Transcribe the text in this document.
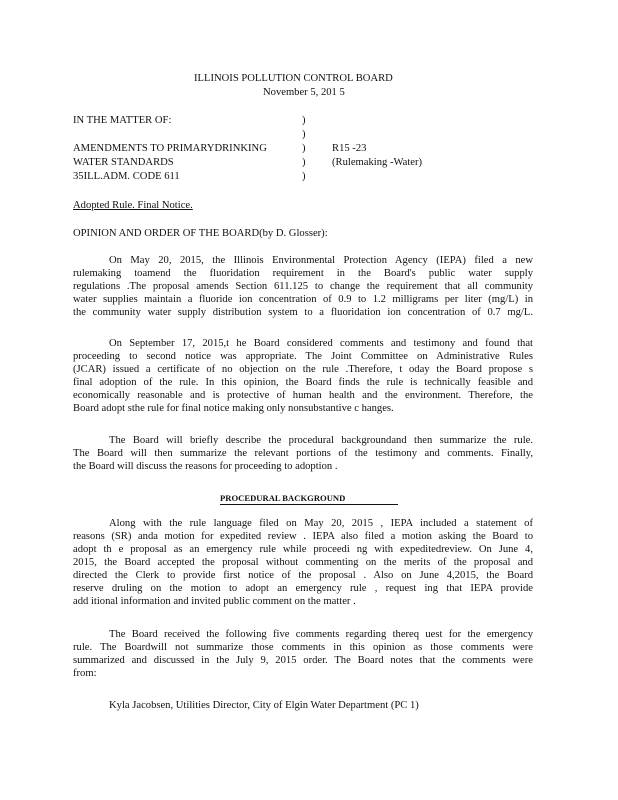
ILLINOIS POLLUTION CONTROL BOARD
November 5, 201 5
IN THE MATTER OF:
AMENDMENTS TO PRIMARYDRINKING
WATER STANDARDS
35ILL.ADM. CODE 611
)
)
)
)
)
R15 -23
(Rulemaking -Water)
Adopted Rule. Final Notice.
OPINION AND ORDER OF THE BOARD(by D. Glosser):
On May 20, 2015, the Illinois Environmental Protection Agency (IEPA) filed a new
rulemaking toamend the fluoridation requirement in the Board's public water supply
regulations .The proposal amends Section 611.125 to change the requirement that all community
water supplies maintain a fluoride ion concentration of 0.9 to 1.2 milligrams per liter (mg/L) in
the community water supply distribution system to a fluoridation ion concentration of 0.7 mg/L.
On September 17, 2015,t he Board considered comments and testimony and found that
proceeding to second notice was appropriate. The Joint Committee on Administrative Rules
(JCAR) issued a certificate of no objection on the rule .Therefore, t oday the Board propose s
final adoption of the rule. In this opinion, the Board finds the rule is technically feasible and
economically reasonable and is protective of human health and the environment. Therefore, the
Board adopt sthe rule for final notice making only nonsubstantive c hanges.
The Board will briefly describe the procedural backgroundand then summarize the rule.
The Board will then summarize the relevant portions of the testimony and comments. Finally,
the Board will discuss the reasons for proceeding to adoption .
PROCEDURAL BACKGROUND
Along with the rule language filed on May 20, 2015 , IEPA included a statement of
reasons (SR) anda motion for expedited review . IEPA also filed a motion asking the Board to
adopt th e proposal as an emergency rule while proceedi ng with expeditedreview. On June 4,
2015, the Board accepted the proposal without commenting on the merits of the proposal and
directed the Clerk to provide first notice of the proposal . Also on June 4,2015, the Board
reserve druling on the motion to adopt an emergency rule , request ing that IEPA provide
add itional information and invited public comment on the matter .
The Board received the following five comments regarding thereq uest for the emergency
rule. The Boardwill not summarize those comments in this opinion as those comments were
summarized and discussed in the July 9, 2015 order. The Board notes that the comments were
from:
Kyla Jacobsen, Utilities Director, City of Elgin Water Department (PC 1)
